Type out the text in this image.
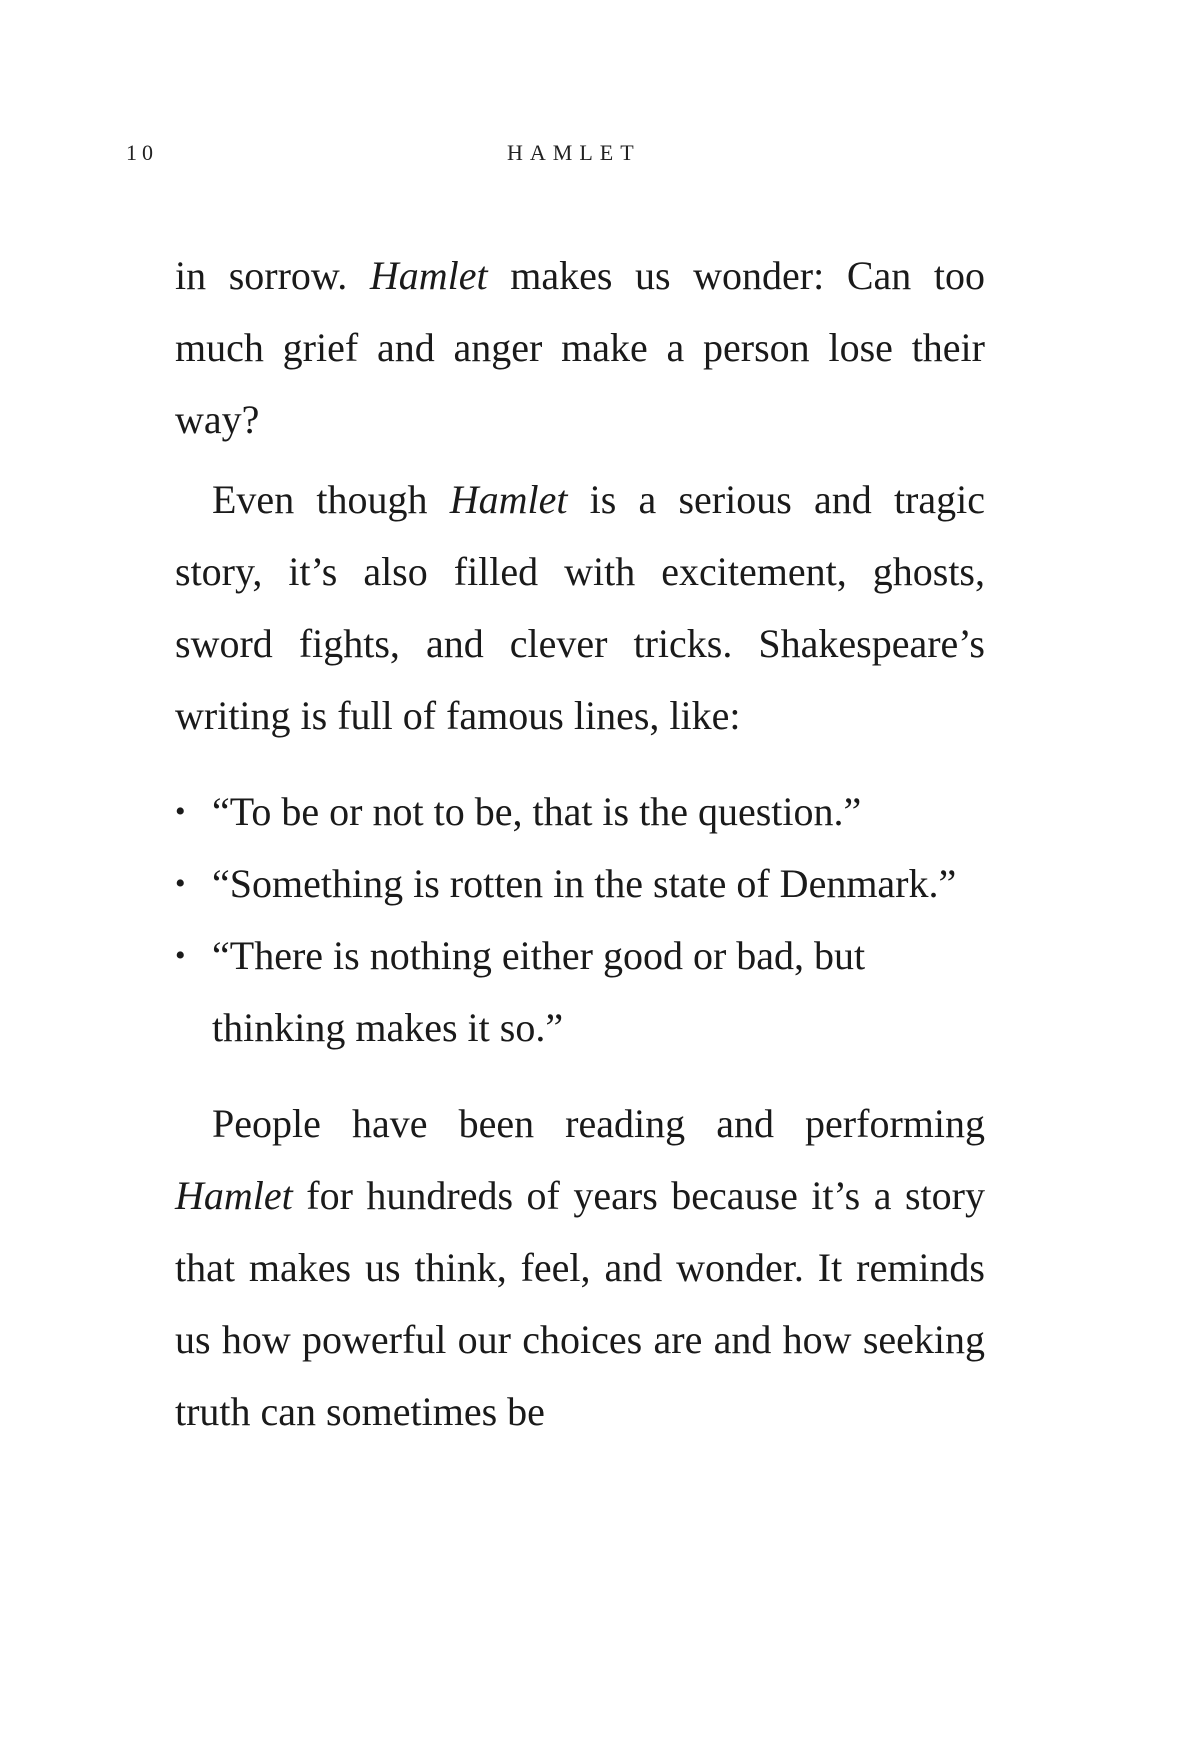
10	HAMLET

in sorrow. Hamlet makes us wonder: Can too much grief and anger make a person lose their way?

Even though Hamlet is a serious and tragic story, it’s also filled with excitement, ghosts, sword fights, and clever tricks. Shakespeare’s writing is full of famous lines, like:

• “To be or not to be, that is the question.”
• “Something is rotten in the state of Denmark.”
• “There is nothing either good or bad, but thinking makes it so.”

People have been reading and performing Hamlet for hundreds of years because it’s a story that makes us think, feel, and wonder. It reminds us how powerful our choices are and how seeking truth can sometimes be
